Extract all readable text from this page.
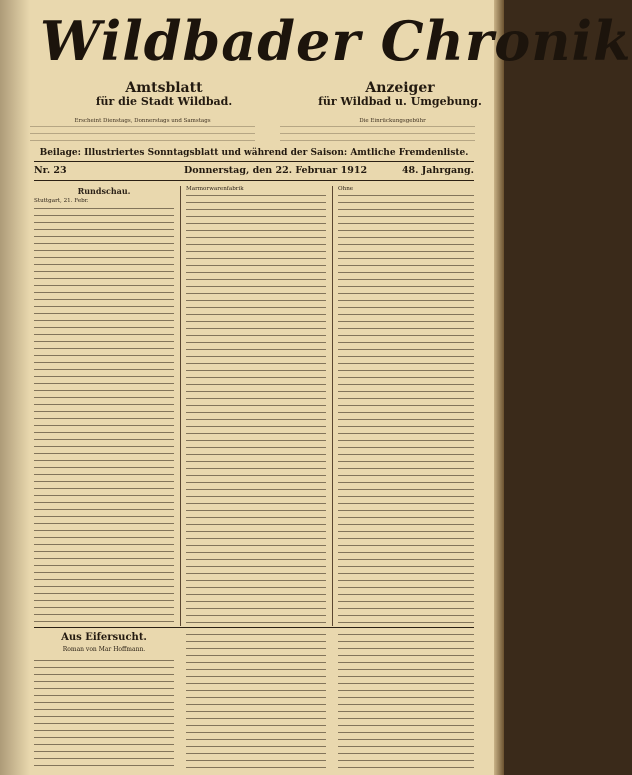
Wildbader Chronik
Amtsblatt
für die Stadt Wildbad.
Anzeiger
für Wildbad u. Umgebung.
Erscheint Dienstags, Donnerstags und Samstags	Die Einrückungsgebühr
Beilage: Illustriertes Sonntagsblatt und während der Saison: Amtliche Fremdenliste.
Nr. 23	Donnerstag, den 22. Februar 1912	48. Jahrgang.
Rundschau.
Stuttgart, 21. Febr.
Marmorwarenfabrik	Ohne
Aus Eifersucht.
Roman von Mar Hoffmann.
